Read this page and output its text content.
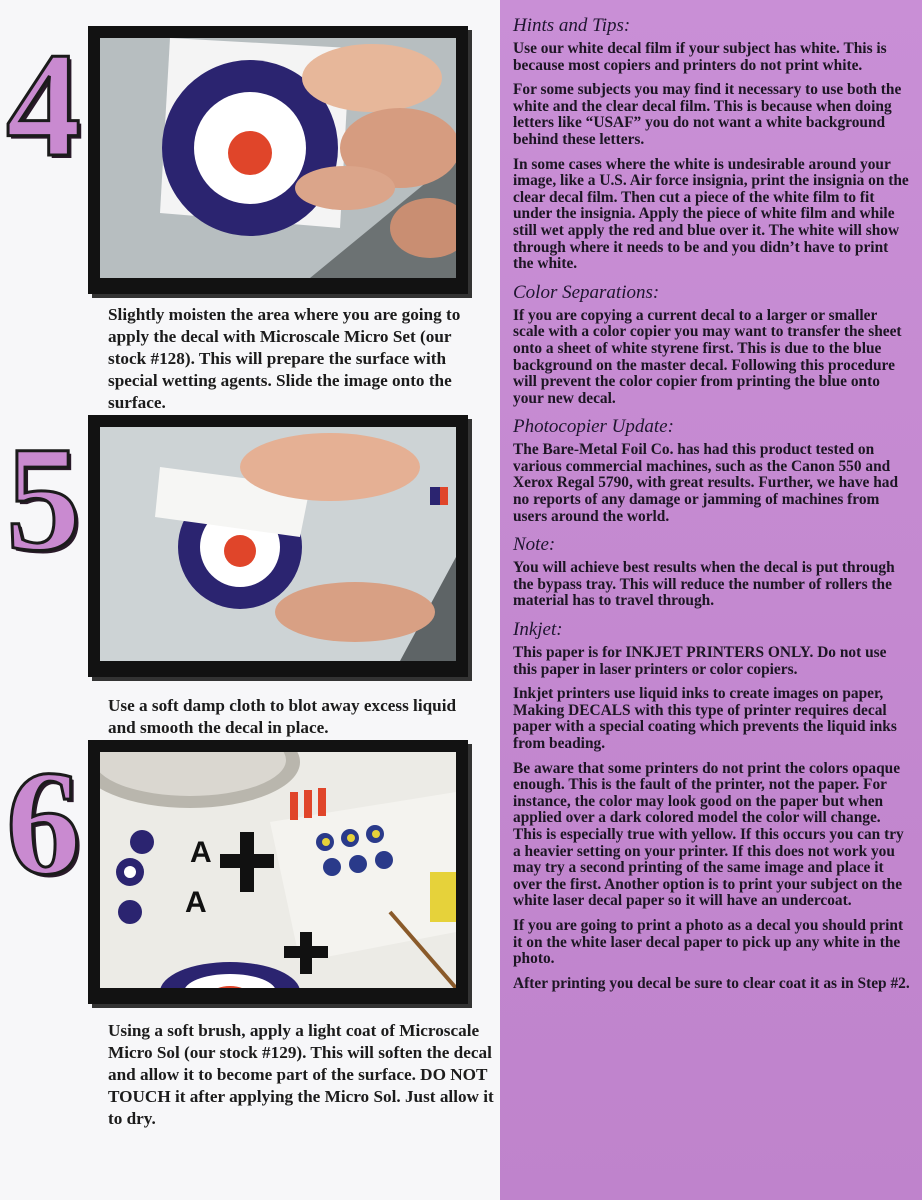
4
Slightly moisten the area where you are going to apply the decal with Microscale Micro Set (our stock #128). This will prepare the surface with special wetting agents. Slide the image onto the surface.
5
Use a soft damp cloth to blot away excess liquid and smooth the decal in place.
6	A
A
Using a soft brush, apply a light coat of Microscale Micro Sol (our stock #129). This will soften the decal and allow it to become part of the surface. DO NOT TOUCH it after applying the Micro Sol. Just allow it to dry.
Hints and Tips:

Use our white decal film if your subject has white. This is because most copiers and printers do not print white.

For some subjects you may find it necessary to use both the white and the clear decal film. This is because when doing letters like “USAF” you do not want a white background behind these letters.

In some cases where the white is undesirable around your image, like a U.S. Air force insignia, print the insignia on the clear decal film. Then cut a piece of the white film to fit under the insignia. Apply the piece of white film and while still wet apply the red and blue over it. The white will show through where it needs to be and you didn’t have to print the white.

Color Separations:

If you are copying a current decal to a larger or smaller scale with a color copier you may want to transfer the sheet onto a sheet of white styrene first. This is due to the blue background on the master decal. Following this procedure will prevent the color copier from printing the blue onto your new decal.

Photocopier Update:

The Bare-Metal Foil Co. has had this product tested on various commercial machines, such as the Canon 550 and Xerox Regal 5790, with great results. Further, we have had no reports of any damage or jamming of machines from users around the world.

Note:

You will achieve best results when the decal is put through the bypass tray. This will reduce the number of rollers the material has to travel through.

Inkjet:

This paper is for INKJET PRINTERS ONLY. Do not use this paper in laser printers or color copiers.

Inkjet printers use liquid inks to create images on paper, Making DECALS with this type of printer requires decal paper with a special coating which prevents the liquid inks from beading.

Be aware that some printers do not print the colors opaque enough. This is the fault of the printer, not the paper. For instance, the color may look good on the paper but when applied over a dark colored model the color will change. This is especially true with yellow. If this occurs you can try a heavier setting on your printer. If this does not work you may try a second printing of the same image and place it over the first. Another option is to print your subject on the white laser decal paper so it will have an undercoat.

If you are going to print a photo as a decal you should print it on the white laser decal paper to pick up any white in the photo.

After printing you decal be sure to clear coat it as in Step #2.
